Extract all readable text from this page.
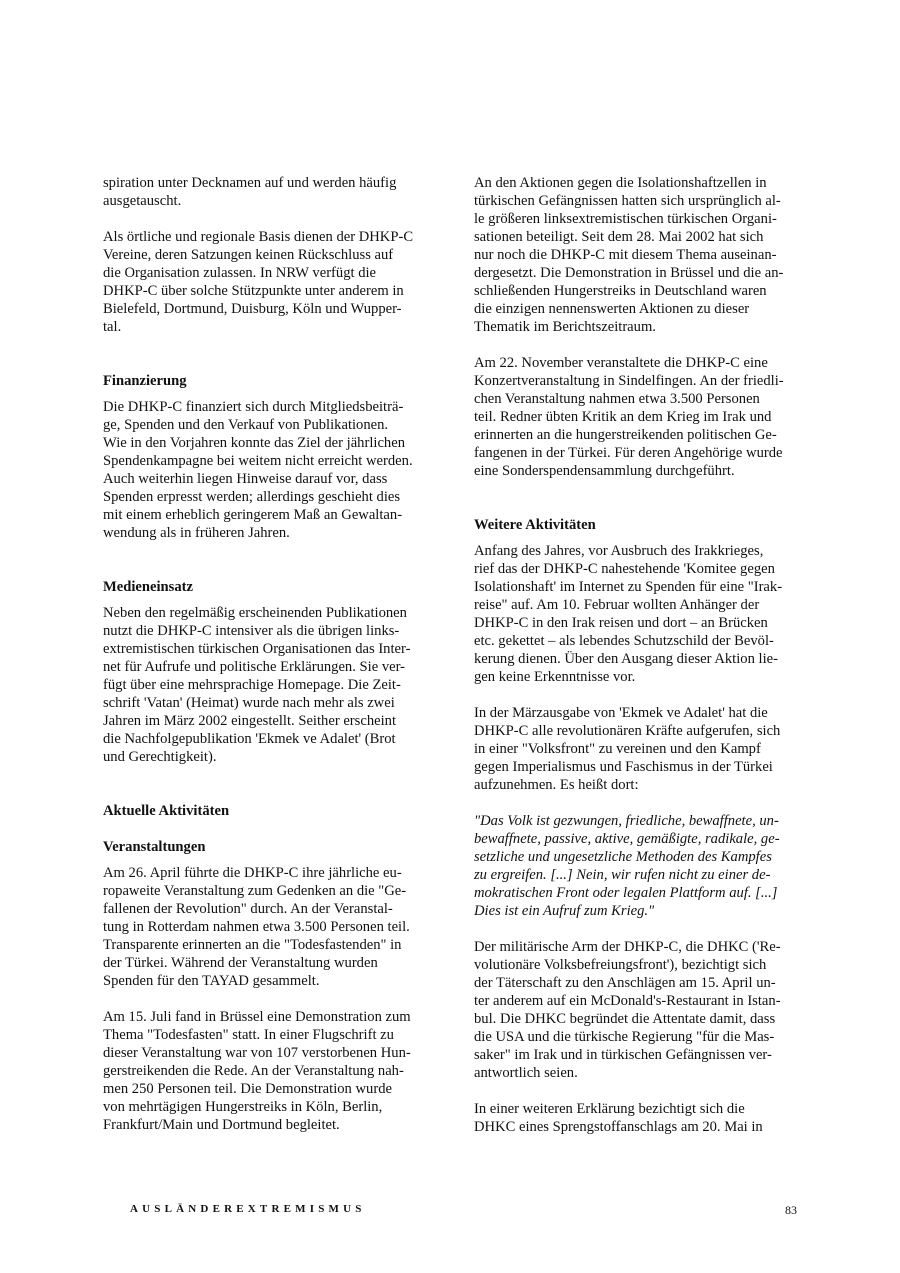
spiration unter Decknamen auf und werden häufig
ausgetauscht.

Als örtliche und regionale Basis dienen der DHKP-C
Vereine, deren Satzungen keinen Rückschluss auf
die Organisation zulassen. In NRW verfügt die
DHKP-C über solche Stützpunkte unter anderem in
Bielefeld, Dortmund, Duisburg, Köln und Wupper-
tal.

Finanzierung

Die DHKP-C finanziert sich durch Mitgliedsbeiträ-
ge, Spenden und den Verkauf von Publikationen.
Wie in den Vorjahren konnte das Ziel der jährlichen
Spendenkampagne bei weitem nicht erreicht werden.
Auch weiterhin liegen Hinweise darauf vor, dass
Spenden erpresst werden; allerdings geschieht dies
mit einem erheblich geringerem Maß an Gewaltan-
wendung als in früheren Jahren.

Medieneinsatz

Neben den regelmäßig erscheinenden Publikationen
nutzt die DHKP-C intensiver als die übrigen links-
extremistischen türkischen Organisationen das Inter-
net für Aufrufe und politische Erklärungen. Sie ver-
fügt über eine mehrsprachige Homepage. Die Zeit-
schrift 'Vatan' (Heimat) wurde nach mehr als zwei
Jahren im März 2002 eingestellt. Seither erscheint
die Nachfolgepublikation 'Ekmek ve Adalet' (Brot
und Gerechtigkeit).

Aktuelle Aktivitäten
Veranstaltungen

Am 26. April führte die DHKP-C ihre jährliche eu-
ropaweite Veranstaltung zum Gedenken an die "Ge-
fallenen der Revolution" durch. An der Veranstal-
tung in Rotterdam nahmen etwa 3.500 Personen teil.
Transparente erinnerten an die "Todesfastenden" in
der Türkei. Während der Veranstaltung wurden
Spenden für den TAYAD gesammelt.

Am 15. Juli fand in Brüssel eine Demonstration zum
Thema "Todesfasten" statt. In einer Flugschrift zu
dieser Veranstaltung war von 107 verstorbenen Hun-
gerstreikenden die Rede. An der Veranstaltung nah-
men 250 Personen teil. Die Demonstration wurde
von mehrtägigen Hungerstreiks in Köln, Berlin,
Frankfurt/Main und Dortmund begleitet.

An den Aktionen gegen die Isolationshaftzellen in
türkischen Gefängnissen hatten sich ursprünglich al-
le größeren linksextremistischen türkischen Organi-
sationen beteiligt. Seit dem 28. Mai 2002 hat sich
nur noch die DHKP-C mit diesem Thema auseinan-
dergesetzt. Die Demonstration in Brüssel und die an-
schließenden Hungerstreiks in Deutschland waren
die einzigen nennenswerten Aktionen zu dieser
Thematik im Berichtszeitraum.

Am 22. November veranstaltete die DHKP-C eine
Konzertveranstaltung in Sindelfingen. An der friedli-
chen Veranstaltung nahmen etwa 3.500 Personen
teil. Redner übten Kritik an dem Krieg im Irak und
erinnerten an die hungerstreikenden politischen Ge-
fangenen in der Türkei. Für deren Angehörige wurde
eine Sonderspendensammlung durchgeführt.

Weitere Aktivitäten

Anfang des Jahres, vor Ausbruch des Irakkrieges,
rief das der DHKP-C nahestehende 'Komitee gegen
Isolationshaft' im Internet zu Spenden für eine "Irak-
reise" auf. Am 10. Februar wollten Anhänger der
DHKP-C in den Irak reisen und dort – an Brücken
etc. gekettet – als lebendes Schutzschild der Bevöl-
kerung dienen. Über den Ausgang dieser Aktion lie-
gen keine Erkenntnisse vor.

In der Märzausgabe von 'Ekmek ve Adalet' hat die
DHKP-C alle revolutionären Kräfte aufgerufen, sich
in einer "Volksfront" zu vereinen und den Kampf
gegen Imperialismus und Faschismus in der Türkei
aufzunehmen. Es heißt dort:

"Das Volk ist gezwungen, friedliche, bewaffnete, un-
bewaffnete, passive, aktive, gemäßigte, radikale, ge-
setzliche und ungesetzliche Methoden des Kampfes
zu ergreifen. [...] Nein, wir rufen nicht zu einer de-
mokratischen Front oder legalen Plattform auf. [...]
Dies ist ein Aufruf zum Krieg."

Der militärische Arm der DHKP-C, die DHKC ('Re-
volutionäre Volksbefreiungsfront'), bezichtigt sich
der Täterschaft zu den Anschlägen am 15. April un-
ter anderem auf ein McDonald's-Restaurant in Istan-
bul. Die DHKC begründet die Attentate damit, dass
die USA und die türkische Regierung "für die Mas-
saker" im Irak und in türkischen Gefängnissen ver-
antwortlich seien.

In einer weiteren Erklärung bezichtigt sich die
DHKC eines Sprengstoffanschlags am 20. Mai in

AUSLÄNDEREXTREMISMUS	83
